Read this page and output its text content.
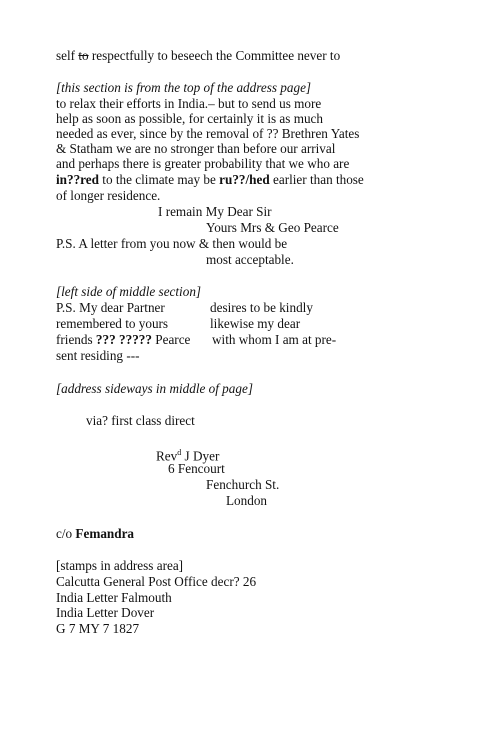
self to respectfully to beseech the Committee never to
[this section is from the top of the address page]
to relax their efforts in India.– but to send us more
help as soon as possible, for certainly it is as much
needed as ever, since by the removal of ?? Brethren Yates
& Statham we are no stronger than before our arrival
and perhaps there is greater probability that we who are
in??red to the climate may be ru??/hed earlier than those
of longer residence.
I remain My Dear Sir
Yours Mrs & Geo Pearce
P.S. A letter from you now & then would be
most acceptable.
[left side of middle section]
P.S. My dear Partner	desires to be kindly
remembered to yours	likewise my dear
friends ??? ????? Pearce with whom I am at pre-
sent residing ---
[address sideways in middle of page]
via? first class direct
Rev$^d$ J Dyer
6 Fencourt
Fenchurch St.
London
c/o Femandra
[stamps in address area]
Calcutta General Post Office decr? 26
India Letter Falmouth
India Letter Dover
G 7 MY 7 1827
